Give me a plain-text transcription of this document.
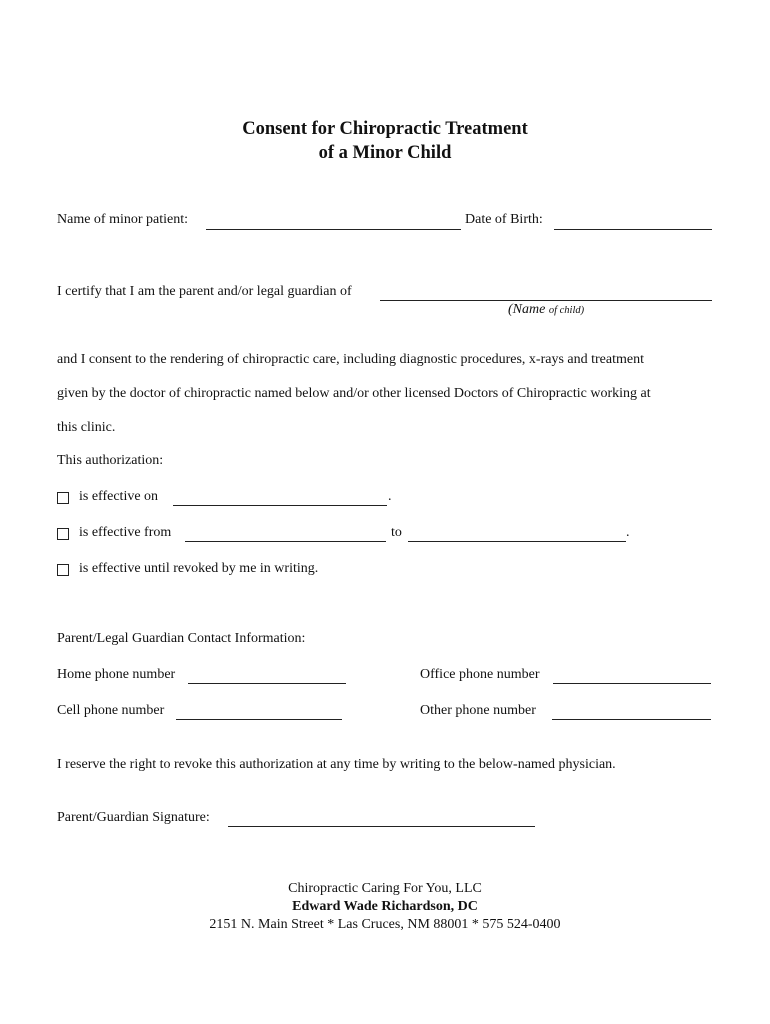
Consent for Chiropractic Treatment
of a Minor Child
Name of minor patient:	Date of Birth:
I certify that I am the parent and/or legal guardian of
(Name of child)
and I consent to the rendering of chiropractic care, including diagnostic procedures, x-rays and treatment
given by the doctor of chiropractic named below and/or other licensed Doctors of Chiropractic working at
this clinic.
This authorization:
is effective on	.
is effective from	to	.
is effective until revoked by me in writing.
Parent/Legal Guardian Contact Information:
Home phone number	Office phone number
Cell phone number	Other phone number
I reserve the right to revoke this authorization at any time by writing to the below-named physician.
Parent/Guardian Signature:
Chiropractic Caring For You, LLC
Edward Wade Richardson, DC
2151 N. Main Street * Las Cruces, NM 88001 * 575 524-0400
